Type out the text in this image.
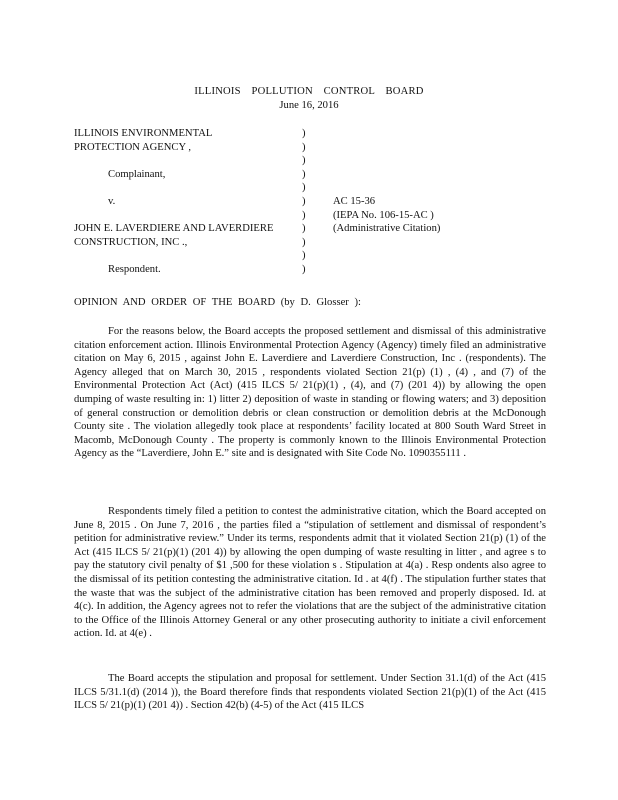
ILLINOIS POLLUTION CONTROL BOARD
June 16, 2016
ILLINOIS ENVIRONMENTAL
PROTECTION AGENCY ,
Complainant,
v.
JOHN E. LAVERDIERE AND LAVERDIERE
CONSTRUCTION, INC .,
Respondent.
)
)
)
)
)
)
)
)
)
)
)
AC 15-36
(IEPA No. 106-15-AC )
(Administrative Citation)
OPINION AND ORDER OF THE BOARD (by D. Glosser ):
For the reasons below, the Board accepts the proposed settlement and dismissal of this administrative citation enforcement action. Illinois Environmental Protection Agency (Agency) timely filed an administrative citation on May 6, 2015 , against John E. Laverdiere and Laverdiere Construction, Inc . (respondents). The Agency alleged that on March 30, 2015 , respondents violated Section 21(p) (1) , (4) , and (7) of the Environmental Protection Act (Act) (415 ILCS 5/ 21(p)(1) , (4), and (7) (201 4)) by allowing the open dumping of waste resulting in: 1) litter 2) deposition of waste in standing or flowing waters; and 3) deposition of general construction or demolition debris or clean construction or demolition debris at the McDonough County site . The violation allegedly took place at respondents’ facility located at 800 South Ward Street in Macomb, McDonough County . The property is commonly known to the Illinois Environmental Protection Agency as the “Laverdiere, John E.” site and is designated with Site Code No. 1090355111 .
Respondents timely filed a petition to contest the administrative citation, which the Board accepted on June 8, 2015 . On June 7, 2016 , the parties filed a “stipulation of settlement and dismissal of respondent’s petition for administrative review.” Under its terms, respondents admit that it violated Section 21(p) (1) of the Act (415 ILCS 5/ 21(p)(1) (201 4)) by allowing the open dumping of waste resulting in litter , and agree s to pay the statutory civil penalty of $1 ,500 for these violation s . Stipulation at 4(a) . Resp ondents also agree to the dismissal of its petition contesting the administrative citation. Id . at 4(f) . The stipulation further states that the waste that was the subject of the administrative citation has been removed and properly disposed. Id. at 4(c). In addition, the Agency agrees not to refer the violations that are the subject of the administrative citation to the Office of the Illinois Attorney General or any other prosecuting authority to initiate a civil enforcement action. Id. at 4(e) .
The Board accepts the stipulation and proposal for settlement. Under Section 31.1(d) of the Act (415 ILCS 5/31.1(d) (2014 )), the Board therefore finds that respondents violated Section 21(p)(1) of the Act (415 ILCS 5/ 21(p)(1) (201 4)) . Section 42(b) (4-5) of the Act (415 ILCS
